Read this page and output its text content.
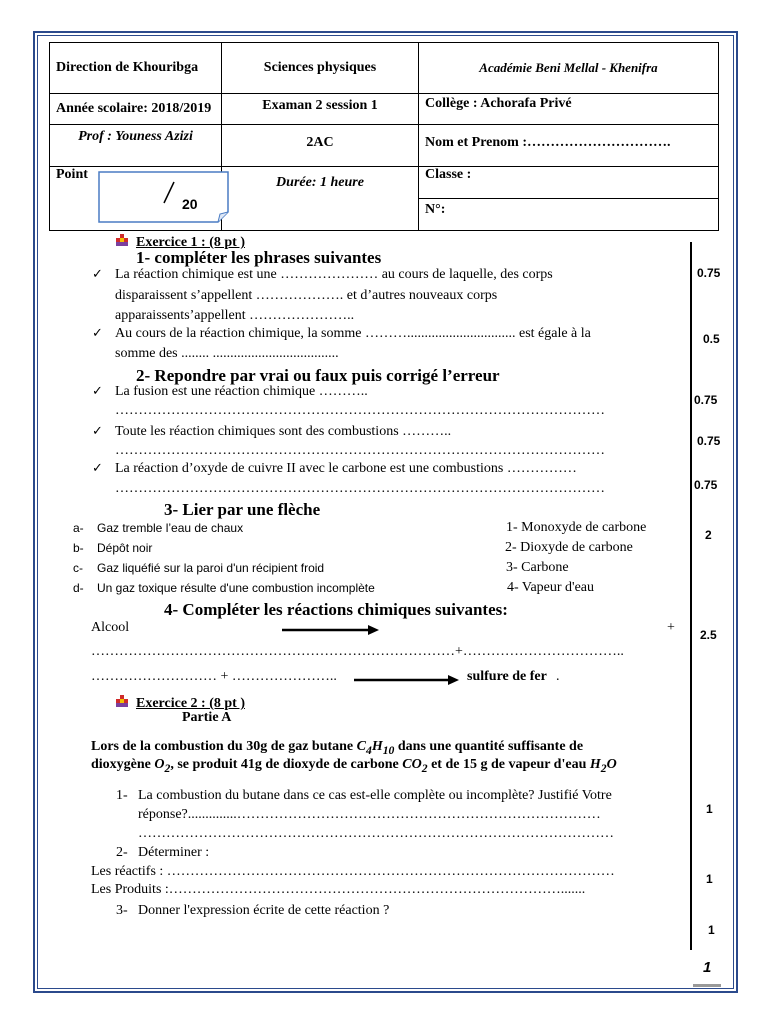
Direction de Khouribga	Sciences physiques	Académie Beni Mellal - Khenifra
Année scolaire: 2018/2019	Examan 2 session 1	Collège : Achorafa Privé
Prof : Youness Azizi	2AC	Nom et Prenom :………………………….
Point	Durée: 1 heure	Classe :
		N°:
20
0.75
0.5
0.75
0.75
0.75
2
2.5
1
1
1
1
Exercice 1 : (8 pt )
1- compléter les phrases suivantes
✓ La réaction chimique est une ………………… au cours de laquelle, des corps
disparaissent s’appellent ………………. et d’autres nouveaux corps
apparaissents’appellent …………………..
✓ Au cours de la réaction chimique, la somme ………............................... est égale à la
somme des ........ ....................................
2- Repondre par vrai ou faux puis corrigé l’erreur
✓ La fusion est une réaction chimique ………..
……………………………………………………………………………………………
✓ Toute les réaction chimiques sont des combustions ………..
……………………………………………………………………………………………
✓ La réaction d’oxyde de cuivre II avec le carbone est une combustions ……………
……………………………………………………………………………………………
3- Lier par une flèche
a- Gaz tremble l’eau de chaux
b- Dépôt noir
c- Gaz liquéfié sur la paroi d'un récipient froid
d- Un gaz toxique résulte d'une combustion incomplète
1- Monoxyde de carbone
2- Dioxyde de carbone
3- Carbone
4- Vapeur d'eau
4- Compléter les réactions chimiques suivantes:
Alcool	+
……………………………………………………………………+……………………………..
……………………… + …………………..	sulfure de fer .
Exercice 2 : (8 pt )
Partie A
Lors de la combustion du 30g de gaz butane $C_4H_{10}$ dans une quantité suffisante de
dioxygène $O_2$, se produit 41g de dioxyde de carbone $CO_2$ et de 15 g de vapeur d'eau $H_2O$
1- La combustion du butane dans ce cas est-elle complète ou incomplète? Justifié Votre
réponse?..............……………………………………………………………………
…………………………………………………………………………………………
2- Déterminer :
Les réactifs : ……………………………………………………………………………………
Les Produits :………………………………………………………………………….......
3- Donner l'expression écrite de cette réaction ?
